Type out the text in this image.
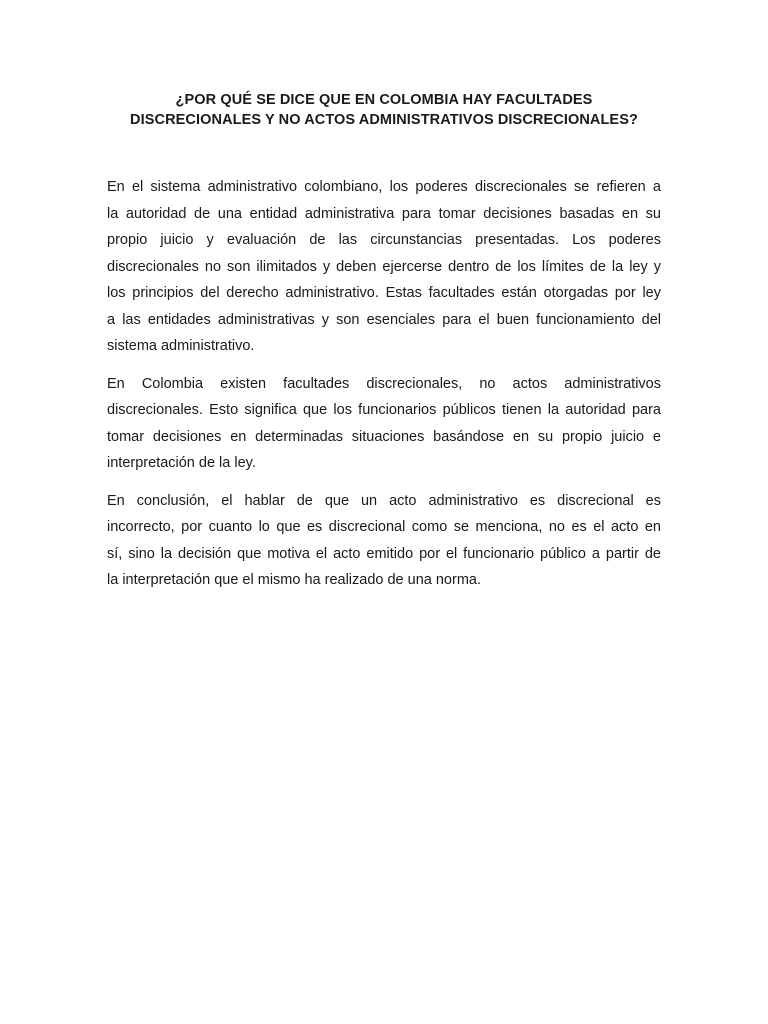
¿POR QUÉ SE DICE QUE EN COLOMBIA HAY FACULTADES
DISCRECIONALES Y NO ACTOS ADMINISTRATIVOS DISCRECIONALES?

En el sistema administrativo colombiano, los poderes discrecionales se refieren a
la autoridad de una entidad administrativa para tomar decisiones basadas en su
propio juicio y evaluación de las circunstancias presentadas. Los poderes
discrecionales no son ilimitados y deben ejercerse dentro de los límites de la ley y
los principios del derecho administrativo. Estas facultades están otorgadas por ley
a las entidades administrativas y son esenciales para el buen funcionamiento del
sistema administrativo.

En Colombia existen facultades discrecionales, no actos administrativos
discrecionales. Esto significa que los funcionarios públicos tienen la autoridad para
tomar decisiones en determinadas situaciones basándose en su propio juicio e
interpretación de la ley.

En conclusión, el hablar de que un acto administrativo es discrecional es
incorrecto, por cuanto lo que es discrecional como se menciona, no es el acto en
sí, sino la decisión que motiva el acto emitido por el funcionario público a partir de
la interpretación que el mismo ha realizado de una norma.
